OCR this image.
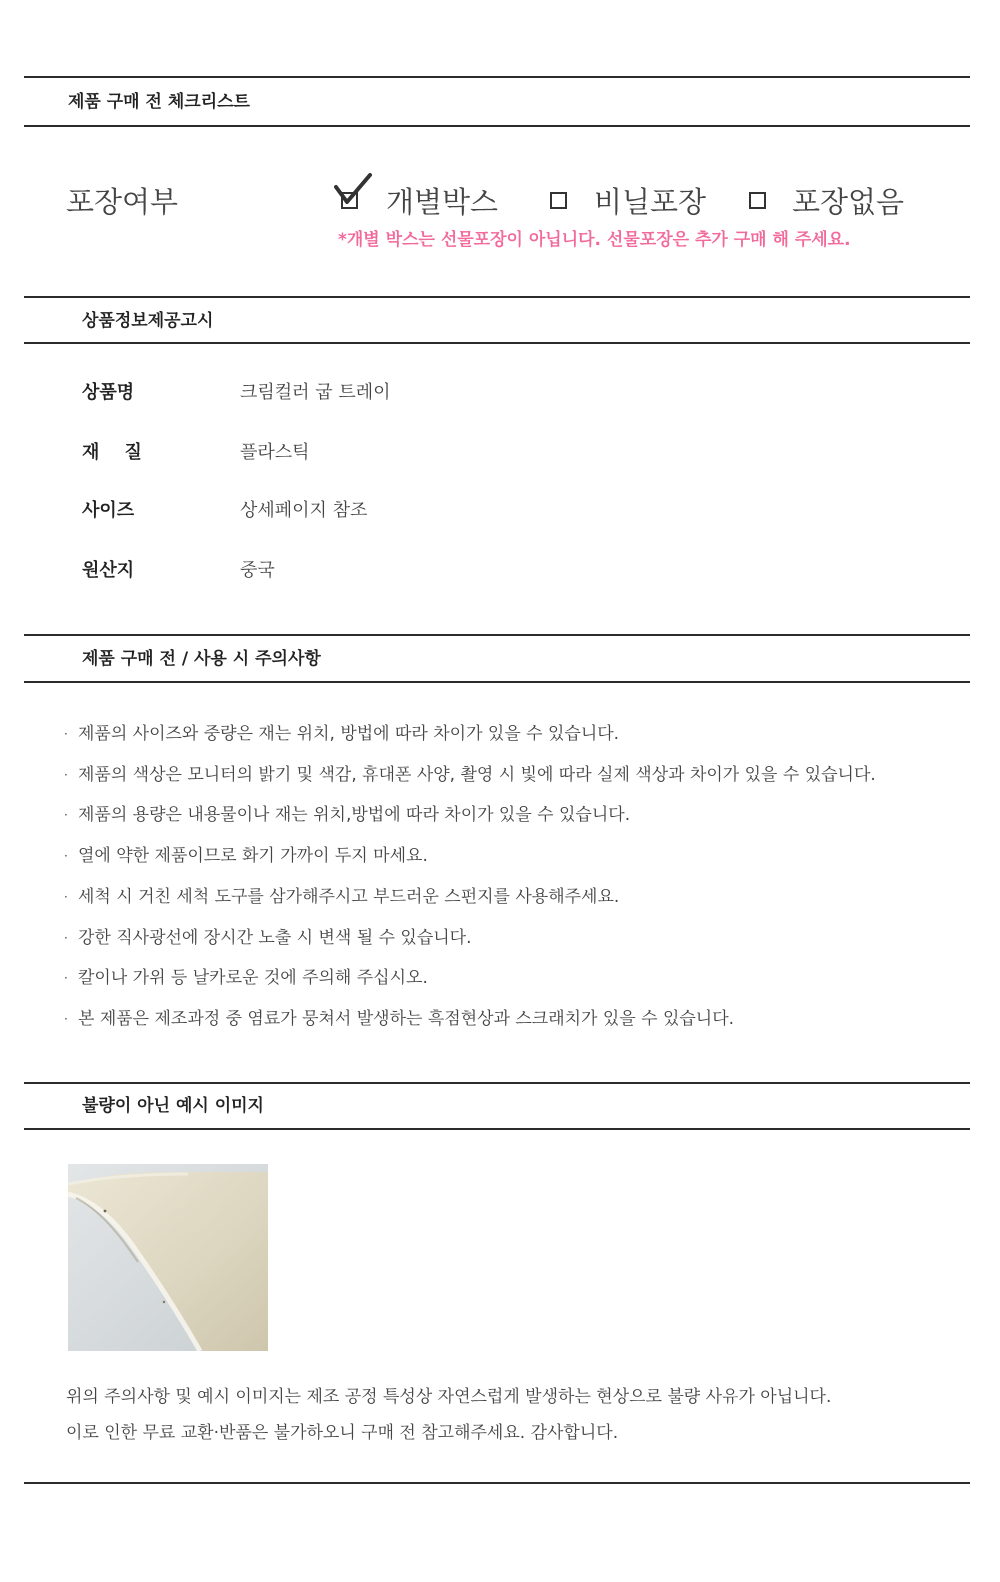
제품 구매 전 체크리스트
포장여부	개별박스	비닐포장	포장없음
*개별 박스는 선물포장이 아닙니다. 선물포장은 추가 구매 해 주세요.
상품정보제공고시
상품명	크림컬러 굽 트레이
재    질	플라스틱
사이즈	상세페이지 참조
원산지	중국
제품 구매 전 / 사용 시 주의사항
· 제품의 사이즈와 중량은 재는 위치, 방법에 따라 차이가 있을 수 있습니다.
· 제품의 색상은 모니터의 밝기 및 색감, 휴대폰 사양, 촬영 시 빛에 따라 실제 색상과 차이가 있을 수 있습니다.
· 제품의 용량은 내용물이나 재는 위치,방법에 따라 차이가 있을 수 있습니다.
· 열에 약한 제품이므로 화기 가까이 두지 마세요.
· 세척 시 거친 세척 도구를 삼가해주시고 부드러운 스펀지를 사용해주세요.
· 강한 직사광선에 장시간 노출 시 변색 될 수 있습니다.
· 칼이나 가위 등 날카로운 것에 주의해 주십시오.
· 본 제품은 제조과정 중 염료가 뭉쳐서 발생하는 흑점현상과 스크래치가 있을 수 있습니다.
불량이 아닌 예시 이미지
위의 주의사항 및 예시 이미지는 제조 공정 특성상 자연스럽게 발생하는 현상으로 불량 사유가 아닙니다.
이로 인한 무료 교환·반품은 불가하오니 구매 전 참고해주세요. 감사합니다.
